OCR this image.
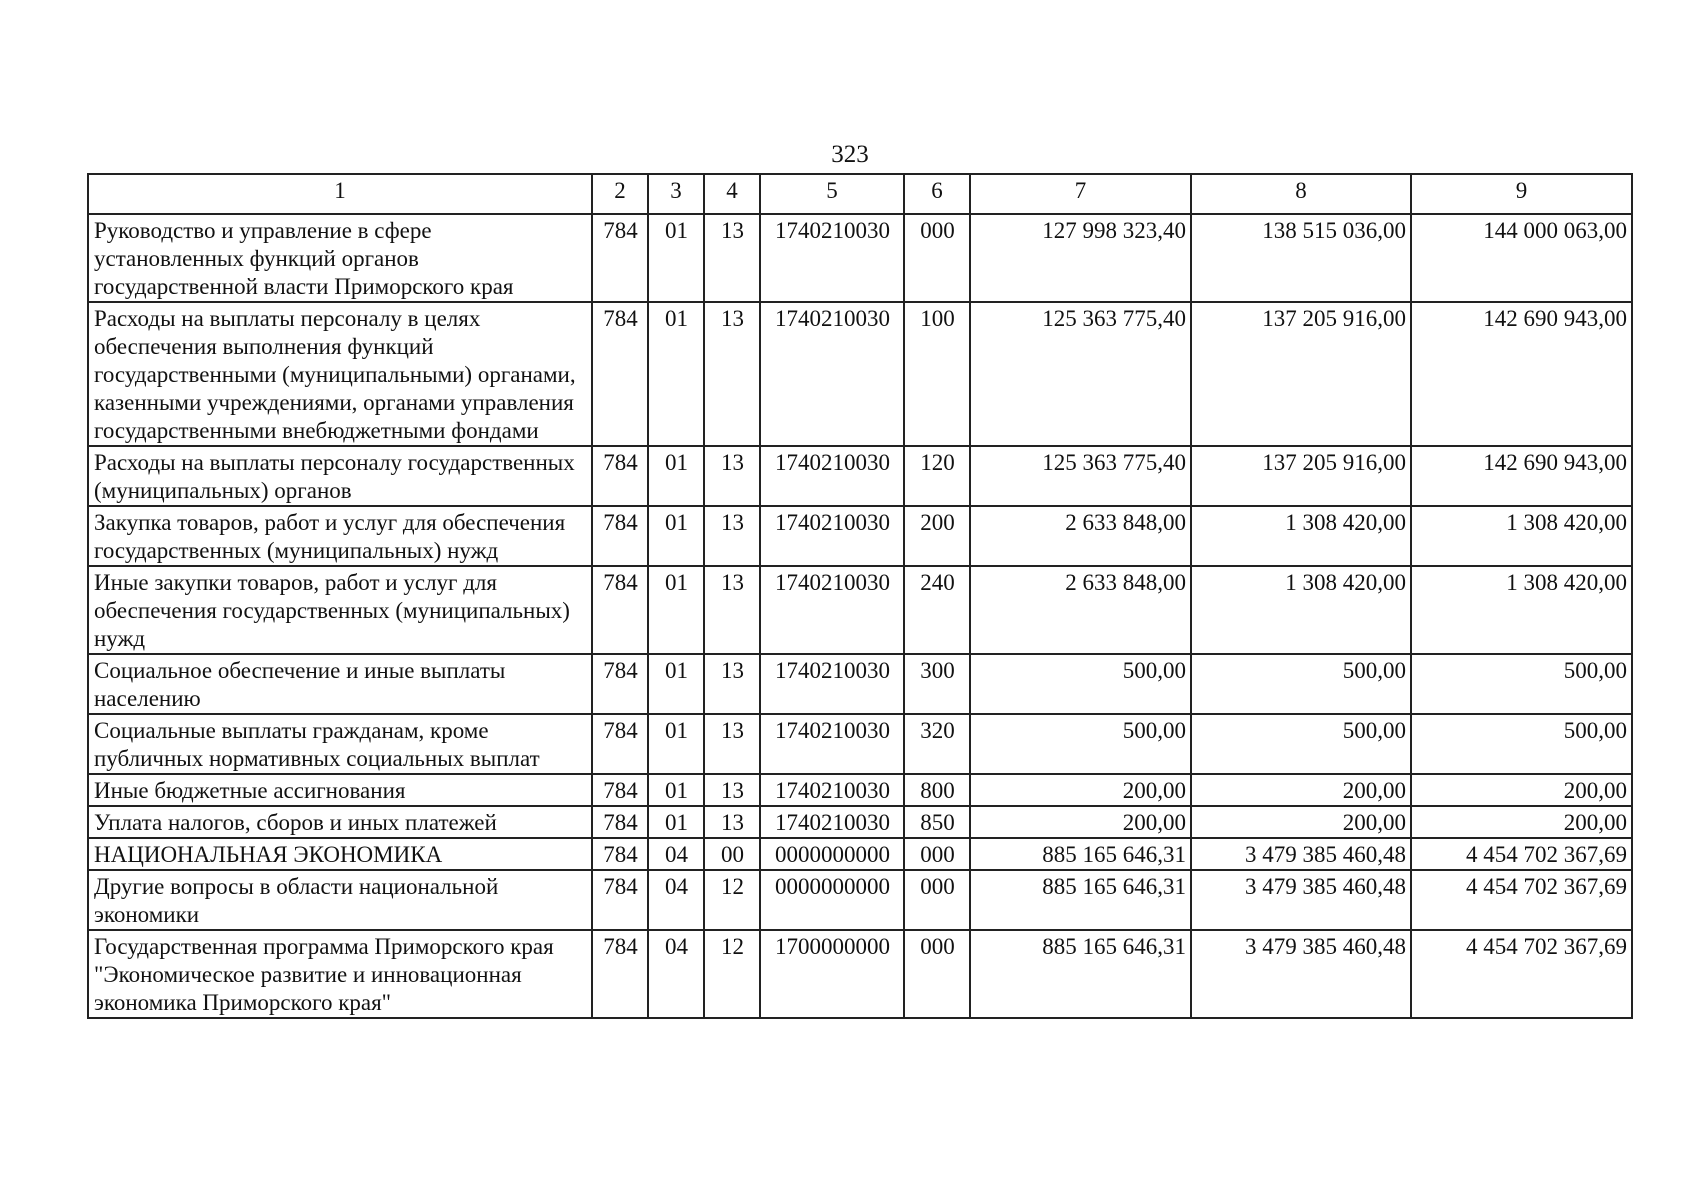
323
1	2	3	4	5	6	7	8	9
Руководство и управление в сфере установленных функций органов государственной власти Приморского края	784	01	13	1740210030	000	127 998 323,40	138 515 036,00	144 000 063,00
Расходы на выплаты персоналу в целях обеспечения выполнения функций государственными (муниципальными) органами, казенными учреждениями, органами управления государственными внебюджетными фондами	784	01	13	1740210030	100	125 363 775,40	137 205 916,00	142 690 943,00
Расходы на выплаты персоналу государственных (муниципальных) органов	784	01	13	1740210030	120	125 363 775,40	137 205 916,00	142 690 943,00
Закупка товаров, работ и услуг для обеспечения государственных (муниципальных) нужд	784	01	13	1740210030	200	2 633 848,00	1 308 420,00	1 308 420,00
Иные закупки товаров, работ и услуг для обеспечения государственных (муниципальных) нужд	784	01	13	1740210030	240	2 633 848,00	1 308 420,00	1 308 420,00
Социальное обеспечение и иные выплаты населению	784	01	13	1740210030	300	500,00	500,00	500,00
Социальные выплаты гражданам, кроме публичных нормативных социальных выплат	784	01	13	1740210030	320	500,00	500,00	500,00
Иные бюджетные ассигнования	784	01	13	1740210030	800	200,00	200,00	200,00
Уплата налогов, сборов и иных платежей	784	01	13	1740210030	850	200,00	200,00	200,00
НАЦИОНАЛЬНАЯ ЭКОНОМИКА	784	04	00	0000000000	000	885 165 646,31	3 479 385 460,48	4 454 702 367,69
Другие вопросы в области национальной экономики	784	04	12	0000000000	000	885 165 646,31	3 479 385 460,48	4 454 702 367,69
Государственная программа Приморского края "Экономическое развитие и инновационная экономика Приморского края"	784	04	12	1700000000	000	885 165 646,31	3 479 385 460,48	4 454 702 367,69
